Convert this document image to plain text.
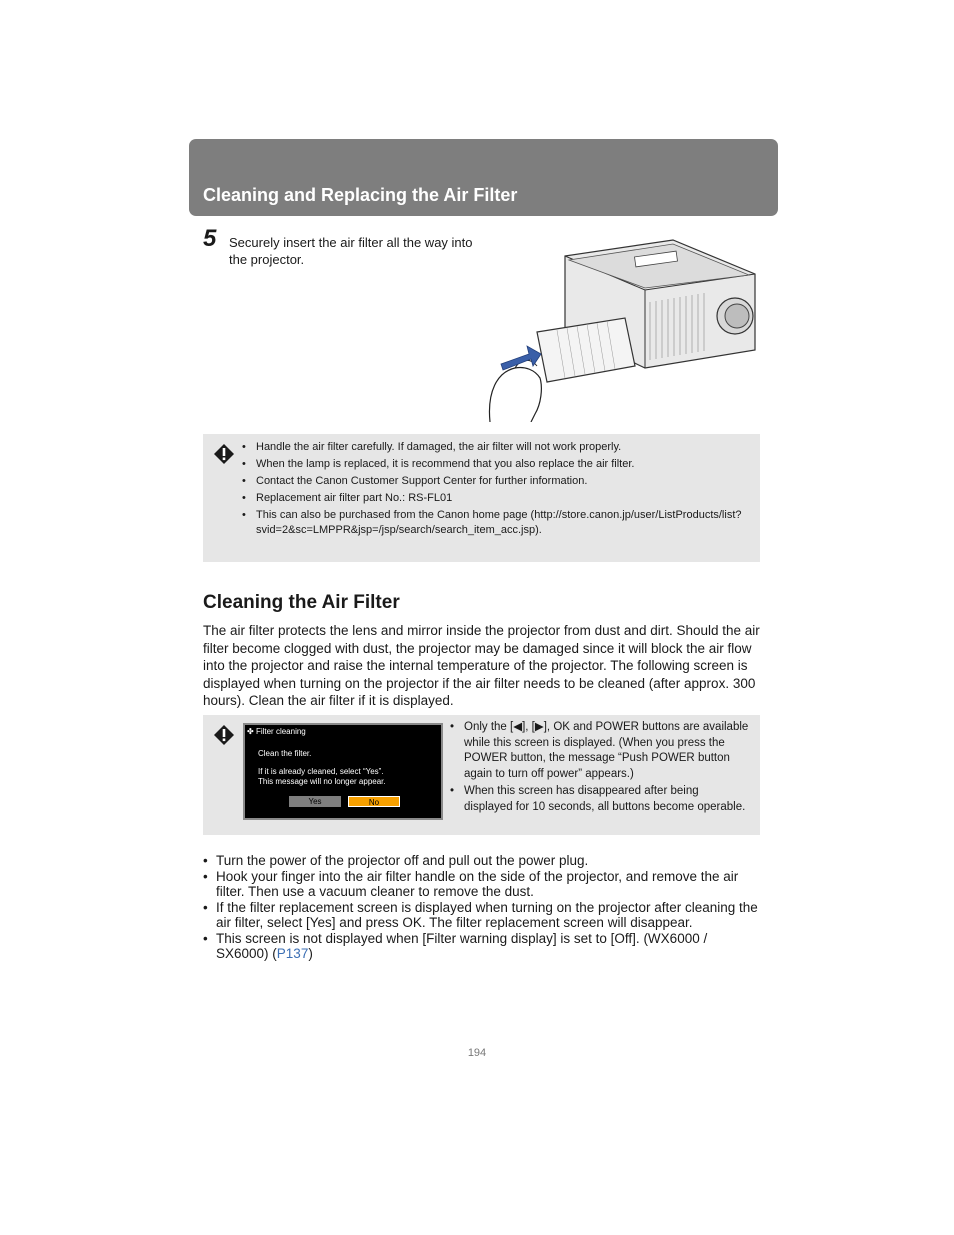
Cleaning and Replacing the Air Filter
5 Securely insert the air filter all the way into the projector.
• Handle the air filter carefully. If damaged, the air filter will not work properly.
• When the lamp is replaced, it is recommend that you also replace the air filter.
• Contact the Canon Customer Support Center for further information.
• Replacement air filter part No.: RS-FL01
• This can also be purchased from the Canon home page (http://store.canon.jp/user/ListProducts/list?svid=2&sc=LMPPR&jsp=/jsp/search/search_item_acc.jsp).
Cleaning the Air Filter
The air filter protects the lens and mirror inside the projector from dust and dirt. Should the air filter become clogged with dust, the projector may be damaged since it will block the air flow into the projector and raise the internal temperature of the projector. The following screen is displayed when turning on the projector if the air filter needs to be cleaned (after approx. 300 hours). Clean the air filter if it is displayed.
✤ Filter cleaning
Clean the filter.
If it is already cleaned, select “Yes”.
This message will no longer appear.
Yes	No
• Only the [◀], [▶], OK and POWER buttons are available while this screen is displayed. (When you press the POWER button, the message “Push POWER button again to turn off power” appears.)
• When this screen has disappeared after being displayed for 10 seconds, all buttons become operable.
• Turn the power of the projector off and pull out the power plug.
• Hook your finger into the air filter handle on the side of the projector, and remove the air filter. Then use a vacuum cleaner to remove the dust.
• If the filter replacement screen is displayed when turning on the projector after cleaning the air filter, select [Yes] and press OK. The filter replacement screen will disappear.
• This screen is not displayed when [Filter warning display] is set to [Off]. (WX6000 / SX6000) (P137)
194
